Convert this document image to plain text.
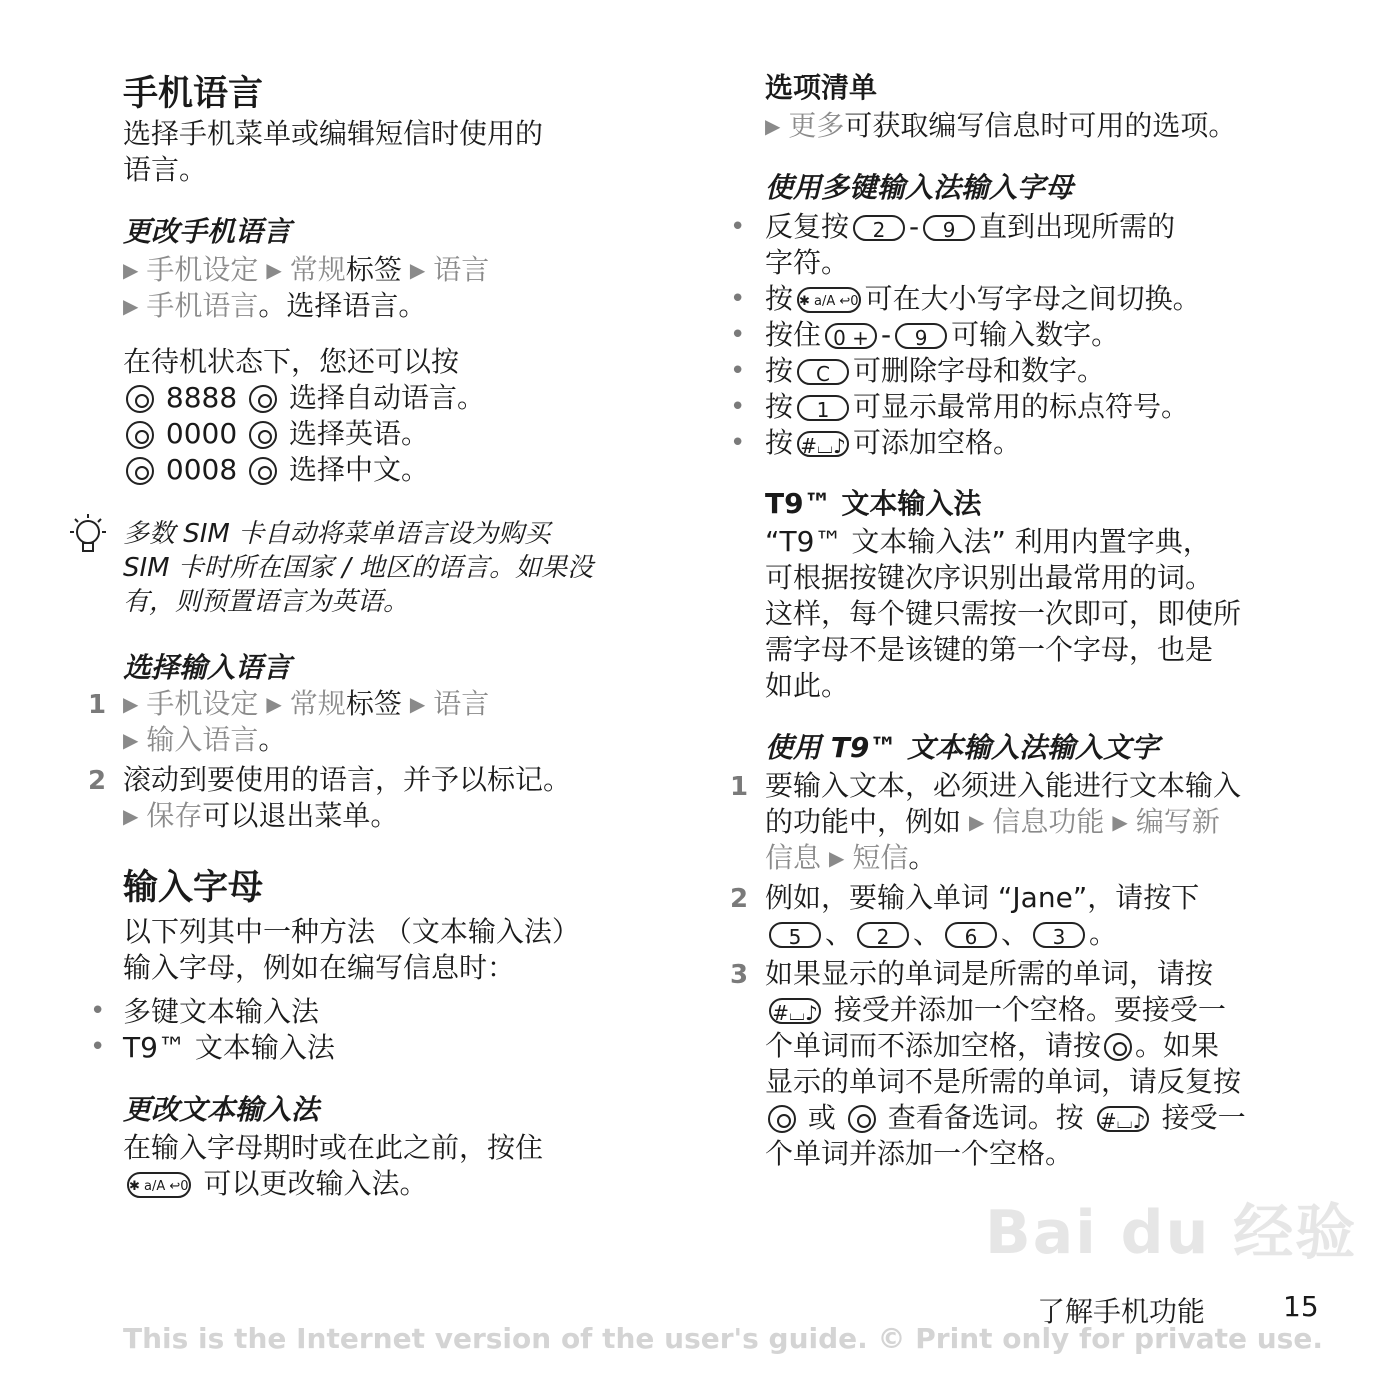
手机语言
选择手机菜单或编辑短信时使用的
语言。
更改手机语言
▶ 手机设定 ▶ 常规标签 ▶ 语言
▶ 手机语言。选择语言。
在待机状态下，您还可以按
8888 选择自动语言。
0000 选择英语。
0008 选择中文。
多数 SIM 卡自动将菜单语言设为购买
SIM 卡时所在国家 / 地区的语言。如果没
有，则预置语言为英语。
选择输入语言
1 ▶ 手机设定 ▶ 常规标签 ▶ 语言
▶ 输入语言。
2 滚动到要使用的语言，并予以标记。
▶ 保存可以退出菜单。
输入字母
以下列其中一种方法 （文本输入法）
输入字母，例如在编写信息时：
• 多键文本输入法
• T9™ 文本输入法
更改文本输入法
在输入字母期时或在此之前，按住
✱ a/A ↩0 可以更改输入法。
选项清单
▶ 更多可获取编写信息时可用的选项。
使用多键输入法输入字母
• 反复按 2 - 9 直到出现所需的
字符。
• 按 ✱ a/A ↩0 可在大小写字母之间切换。
• 按住 0 + - 9 可输入数字。
• 按 C 可删除字母和数字。
• 按 1 可显示最常用的标点符号。
• 按 #⌴♪ 可添加空格。
T9™ 文本输入法
“T9™ 文本输入法” 利用内置字典，
可根据按键次序识别出最常用的词。
这样，每个键只需按一次即可，即使所
需字母不是该键的第一个字母，也是
如此。
使用 T9™ 文本输入法输入文字
1 要输入文本，必须进入能进行文本输入
的功能中，例如 ▶ 信息功能 ▶ 编写新
信息 ▶ 短信。
2 例如，要输入单词 “Jane”，请按下
5 、 2 、 6 、 3 。
3 如果显示的单词是所需的单词，请按
#⌴♪ 接受并添加一个空格。要接受一
个单词而不添加空格，请按 。如果
显示的单词不是所需的单词，请反复按
或 查看备选词。按 #⌴♪ 接受一
个单词并添加一个空格。
Bai du 经验
了解手机功能	15
This is the Internet version of the user's guide. © Print only for private use.
